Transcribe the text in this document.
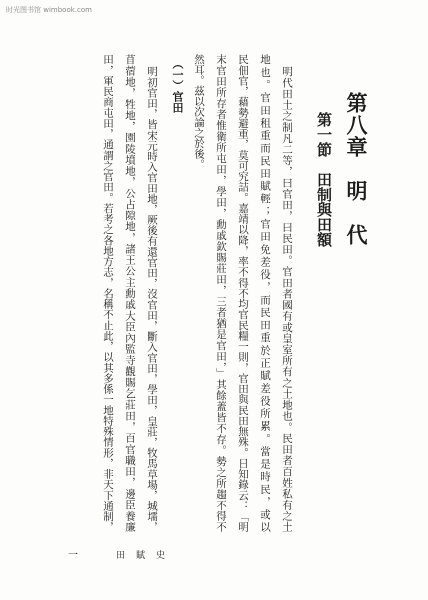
时光图书馆 wimbook.com
第八章　明　代
第一節　田制與田額
明代田土之制凡二等，曰官田，曰民田。官田者國有或皇室所有之土地也。民田者百姓私有之土
地也。官田租重而民田賦輕；官田免差役，而民田重於正賦差役所累。當是時民，或以
民佃官，藉勢避重，莫可究詰。嘉靖以降，率不得不均官民糧一則，官田與民田無殊。日知錄云：「明
末官田所存者惟衛所屯田，學田，勳戚欽賜莊田，三者猶是官田，」其餘蓋皆不存。勢之所趨不得不
然耳。茲以次論之於後。
（一）官田
明初官田，皆宋元時入官田地，厥後有還官田，沒官田，斷入官田，學田，皇莊，牧馬草場，城壖，
苜蓿地，牲地，園陵墳地，公占隙地，諸王公主勳戚大臣內監寺觀賜乞莊田，百官職田，邊臣養廉
田，軍民商屯田，通謂之官田。若考之各地方志，名稱不止此，以其多係一地特殊情形，非天下通制，
田　賦　史
一
